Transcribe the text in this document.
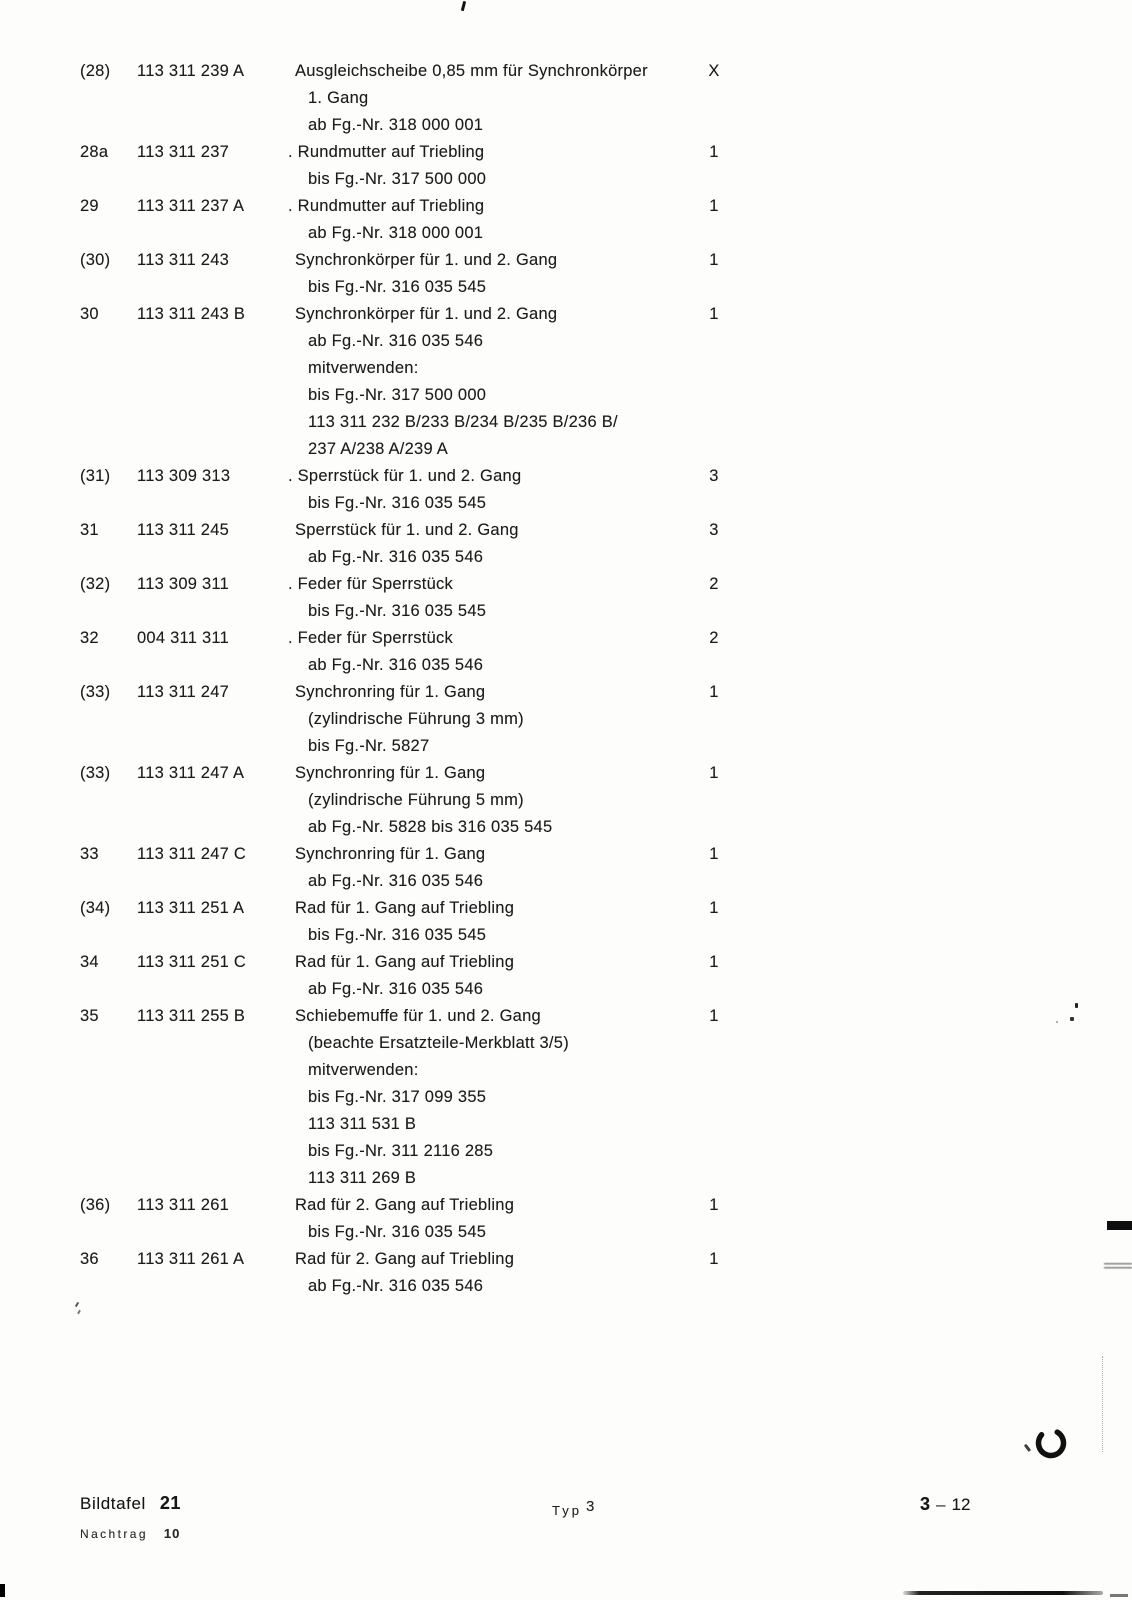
(28) 113 311 239 A	X
Ausgleichscheibe 0,85 mm für Synchronkörper
1. Gang
ab Fg.-Nr. 318 000 001
28a 113 311 237	1
. Rundmutter auf Triebling
bis Fg.-Nr. 317 500 000
29 113 311 237 A	1
. Rundmutter auf Triebling
ab Fg.-Nr. 318 000 001
(30) 113 311 243	1
Synchronkörper für 1. und 2. Gang
bis Fg.-Nr. 316 035 545
30 113 311 243 B	1
Synchronkörper für 1. und 2. Gang
ab Fg.-Nr. 316 035 546
mitverwenden:
bis Fg.-Nr. 317 500 000
113 311 232 B/233 B/234 B/235 B/236 B/
237 A/238 A/239 A
(31) 113 309 313	3
. Sperrstück für 1. und 2. Gang
bis Fg.-Nr. 316 035 545
31 113 311 245	3
Sperrstück für 1. und 2. Gang
ab Fg.-Nr. 316 035 546
(32) 113 309 311	2
. Feder für Sperrstück
bis Fg.-Nr. 316 035 545
32 004 311 311	2
. Feder für Sperrstück
ab Fg.-Nr. 316 035 546
(33) 113 311 247	1
Synchronring für 1. Gang
(zylindrische Führung 3 mm)
bis Fg.-Nr. 5827
(33) 113 311 247 A	1
Synchronring für 1. Gang
(zylindrische Führung 5 mm)
ab Fg.-Nr. 5828 bis 316 035 545
33 113 311 247 C	1
Synchronring für 1. Gang
ab Fg.-Nr. 316 035 546
(34) 113 311 251 A	1
Rad für 1. Gang auf Triebling
bis Fg.-Nr. 316 035 545
34 113 311 251 C	1
Rad für 1. Gang auf Triebling
ab Fg.-Nr. 316 035 546
35 113 311 255 B	1
Schiebemuffe für 1. und 2. Gang
(beachte Ersatzteile-Merkblatt 3/5)
mitverwenden:
bis Fg.-Nr. 317 099 355
113 311 531 B
bis Fg.-Nr. 311 2116 285
113 311 269 B
(36) 113 311 261	1
Rad für 2. Gang auf Triebling
bis Fg.-Nr. 316 035 545
36 113 311 261 A	1
Rad für 2. Gang auf Triebling
ab Fg.-Nr. 316 035 546
Bildtafel 21
Nachtrag 10
Typ 3	3 – 12
